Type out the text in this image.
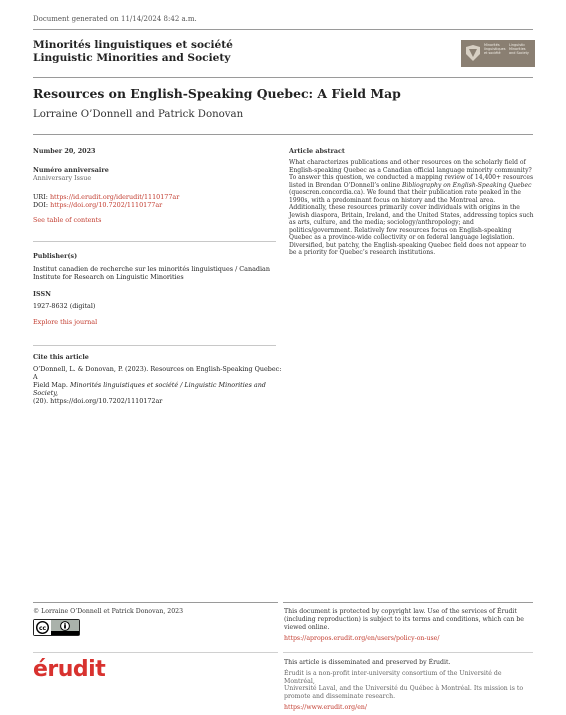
Document generated on 11/14/2024 8:42 a.m.
Minorités linguistiques et société
Linguistic Minorities and Society
Minorités
linguistiques
et société
Linguistic
Minorities
and Society
Resources on English-Speaking Quebec: A Field Map
Lorraine O’Donnell and Patrick Donovan
Number 20, 2023
Numéro anniversaire
Anniversary Issue
URI: https://id.erudit.org/iderudit/1110177ar
DOI: https://doi.org/10.7202/1110177ar
See table of contents
Publisher(s)
Institut canadien de recherche sur les minorités linguistiques / Canadian
Institute for Research on Linguistic Minorities
ISSN
1927-8632 (digital)
Explore this journal
Cite this article
O’Donnell, L. & Donovan, P. (2023). Resources on English-Speaking Quebec: A
Field Map. Minorités linguistiques et société / Linguistic Minorities and Society,
(20). https://doi.org/10.7202/1110172ar
Article abstract
What characterizes publications and other resources on the scholarly field of
English-speaking Quebec as a Canadian official language minority community?
To answer this question, we conducted a mapping review of 14,400+ resources
listed in Brendan O’Donnell’s online Bibliography on English-Speaking Quebec
(quescren.concordia.ca). We found that their publication rate peaked in the
1990s, with a predominant focus on history and the Montreal area.
Additionally, these resources primarily cover individuals with origins in the
Jewish diaspora, Britain, Ireland, and the United States, addressing topics such
as arts, culture, and the media; sociology/anthropology; and
politics/government. Relatively few resources focus on English-speaking
Quebec as a province-wide collectivity or on federal language legislation.
Diversified, but patchy, the English-speaking Quebec field does not appear to
be a priority for Quebec’s research institutions.
© Lorraine O’Donnell et Patrick Donovan, 2023
cc
This document is protected by copyright law. Use of the services of Érudit
(including reproduction) is subject to its terms and conditions, which can be
viewed online.
https://apropos.erudit.org/en/users/policy-on-use/
érudit	This article is disseminated and preserved by Érudit.
Érudit is a non-profit inter-university consortium of the Université de Montréal,
Université Laval, and the Université du Québec à Montréal. Its mission is to
promote and disseminate research.
https://www.erudit.org/en/
